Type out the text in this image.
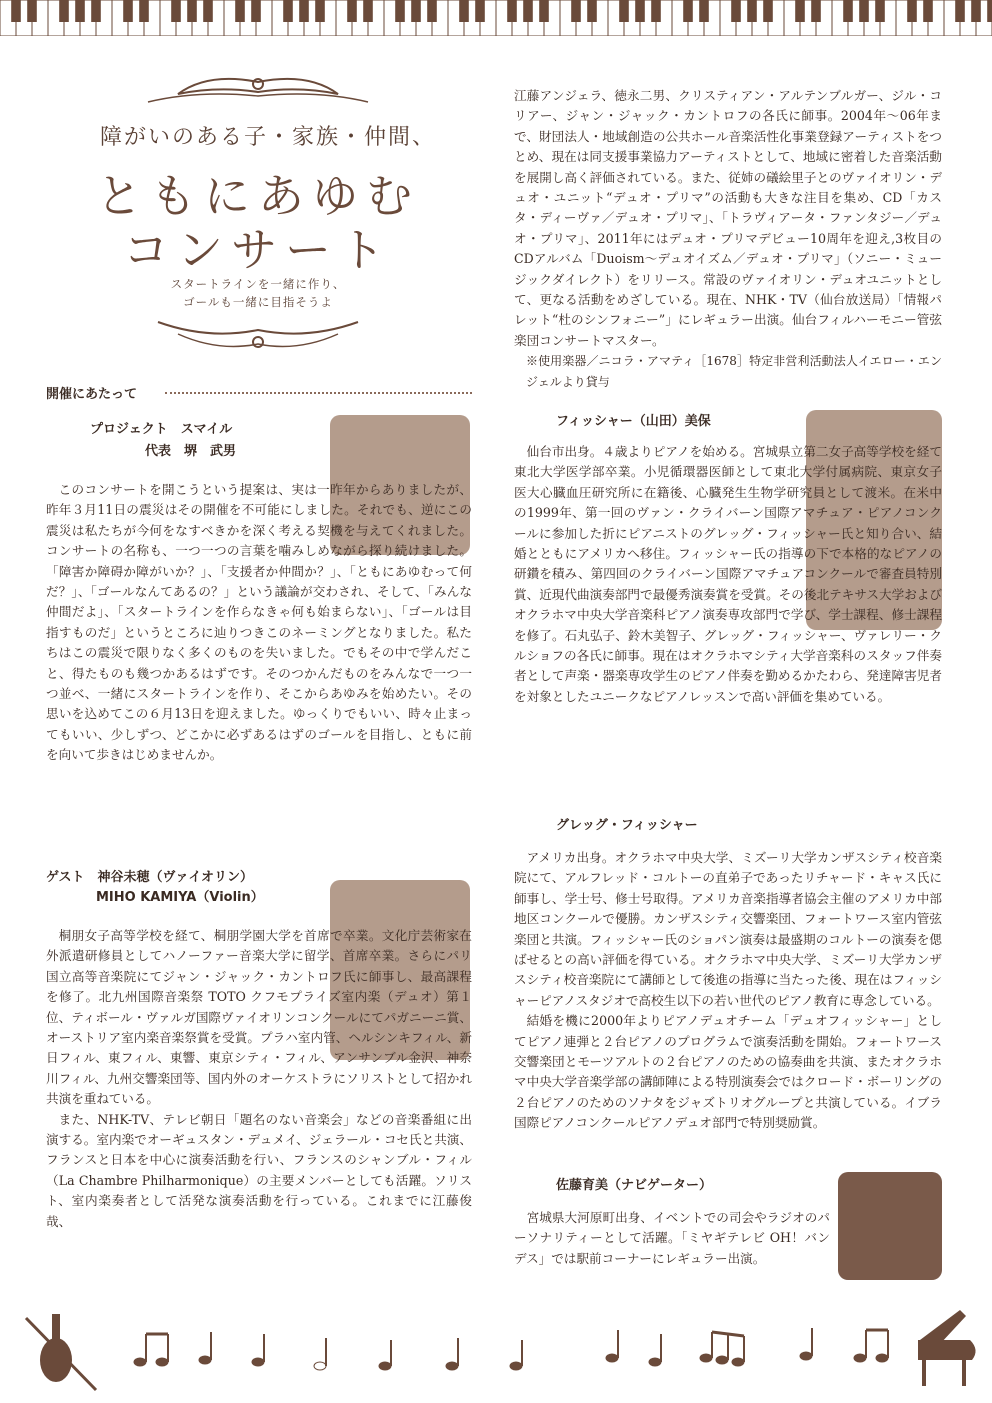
障がいのある子・家族・仲間、
ともにあゆむ
コンサート
スタートラインを一緒に作り、
ゴールも一緒に目指そうよ
開催にあたって
プロジェクト　スマイル
代表　堺　武男

このコンサートを開こうという提案は、実は一昨年からありましたが、昨年３月11日の震災はその開催を不可能にしました。それでも、逆にこの震災は私たちが今何をなすべきかを深く考える契機を与えてくれました。コンサートの名称も、一つ一つの言葉を噛みしめながら探り続けました。「障害か障碍か障がいか？」、「支援者か仲間か？」、「ともにあゆむって何だ？」、「ゴールなんてあるの？」という議論が交わされ、そして、「みんな仲間だよ」、「スタートラインを作らなきゃ何も始まらない」、「ゴールは目指すものだ」というところに辿りつきこのネーミングとなりました。私たちはこの震災で限りなく多くのものを失いました。でもその中で学んだこと、得たものも幾つかあるはずです。そのつかんだものをみんなで一つ一つ並べ、一緒にスタートラインを作り、そこからあゆみを始めたい。その思いを込めてこの６月13日を迎えました。ゆっくりでもいい、時々止まってもいい、少しずつ、どこかに必ずあるはずのゴールを目指し、ともに前を向いて歩きはじめませんか。

ゲスト　神谷未穂（ヴァイオリン）
MIHO KAMIYA（Violin）

桐朋女子高等学校を経て、桐朋学園大学を首席で卒業。文化庁芸術家在外派遣研修員としてハノーファー音楽大学に留学、首席卒業。さらにパリ国立高等音楽院にてジャン・ジャック・カントロフ氏に師事し、最高課程を修了。北九州国際音楽祭 TOTO クフモプライズ室内楽（デュオ）第１位、ティボール・ヴァルガ国際ヴァイオリンコンクールにてパガニーニ賞、オーストリア室内楽音楽祭賞を受賞。プラハ室内管、ヘルシンキフィル、新日フィル、東フィル、東響、東京シティ・フィル、アンサンブル金沢、神奈川フィル、九州交響楽団等、国内外のオーケストラにソリストとして招かれ共演を重ねている。

また、NHK-TV、テレビ朝日「題名のない音楽会」などの音楽番組に出演する。室内楽でオーギュスタン・デュメイ、ジェラール・コセ氏と共演、フランスと日本を中心に演奏活動を行い、フランスのシャンブル・フィル（La Chambre Philharmonique）の主要メンバーとしても活躍。ソリスト、室内楽奏者として活発な演奏活動を行っている。これまでに江藤俊哉、

江藤アンジェラ、徳永二男、クリスティアン・アルテンブルガー、ジル・コリアー、ジャン・ジャック・カントロフの各氏に師事。2004年〜06年まで、財団法人・地域創造の公共ホール音楽活性化事業登録アーティストをつとめ、現在は同支援事業協力アーティストとして、地域に密着した音楽活動を展開し高く評価されている。また、従姉の礒絵里子とのヴァイオリン・デュオ・ユニット“デュオ・プリマ”の活動も大きな注目を集め、CD「カスタ・ディーヴァ／デュオ・プリマ」、「トラヴィアータ・ファンタジー／デュオ・プリマ」、2011年にはデュオ・プリマデビュー10周年を迎え,3枚目のCDアルバム「Duoism〜デュオイズム／デュオ・プリマ」（ソニー・ミュージックダイレクト）をリリース。常設のヴァイオリン・デュオユニットとして、更なる活動をめざしている。現在、NHK・TV（仙台放送局）「情報パレット“杜のシンフォニー”」にレギュラー出演。仙台フィルハーモニー管弦楽団コンサートマスター。

※使用楽器／ニコラ・アマティ［1678］特定非営利活動法人イエロー・エンジェルより貸与

フィッシャー（山田）美保

仙台市出身。４歳よりピアノを始める。宮城県立第二女子高等学校を経て東北大学医学部卒業。小児循環器医師として東北大学付属病院、東京女子医大心臓血圧研究所に在籍後、心臓発生生物学研究員として渡米。在米中の1999年、第一回のヴァン・クライバーン国際アマチュア・ピアノコンクールに参加した折にピアニストのグレッグ・フィッシャー氏と知り合い、結婚とともにアメリカへ移住。フィッシャー氏の指導の下で本格的なピアノの研鑽を積み、第四回のクライバーン国際アマチュアコンクールで審査員特別賞、近現代曲演奏部門で最優秀演奏賞を受賞。その後北テキサス大学およびオクラホマ中央大学音楽科ピアノ演奏専攻部門で学び、学士課程、修士課程を修了。石丸弘子、鈴木美智子、グレッグ・フィッシャー、ヴァレリー・クルショフの各氏に師事。現在はオクラホマシティ大学音楽科のスタッフ伴奏者として声楽・器楽専攻学生のピアノ伴奏を勤めるかたわら、発達障害児者を対象としたユニークなピアノレッスンで高い評価を集めている。

グレッグ・フィッシャー

アメリカ出身。オクラホマ中央大学、ミズーリ大学カンザスシティ校音楽院にて、アルフレッド・コルトーの直弟子であったリチャード・キャス氏に師事し、学士号、修士号取得。アメリカ音楽指導者協会主催のアメリカ中部地区コンクールで優勝。カンザスシティ交響楽団、フォートワース室内管弦楽団と共演。フィッシャー氏のショパン演奏は最盛期のコルトーの演奏を偲ばせるとの高い評価を得ている。オクラホマ中央大学、ミズーリ大学カンザスシティ校音楽院にて講師として後進の指導に当たった後、現在はフィッシャーピアノスタジオで高校生以下の若い世代のピアノ教育に専念している。

結婚を機に2000年よりピアノデュオチーム「デュオフィッシャー」としてピアノ連弾と２台ピアノのプログラムで演奏活動を開始。フォートワース交響楽団とモーツアルトの２台ピアノのための協奏曲を共演、またオクラホマ中央大学音楽学部の講師陣による特別演奏会ではクロード・ボーリングの２台ピアノのためのソナタをジャズトリオグループと共演している。イブラ国際ピアノコンクールピアノデュオ部門で特別奨励賞。

佐藤育美（ナビゲーター）

宮城県大河原町出身、イベントでの司会やラジオのパーソナリティーとして活躍。「ミヤギテレビ OH！バンデス」では駅前コーナーにレギュラー出演。
